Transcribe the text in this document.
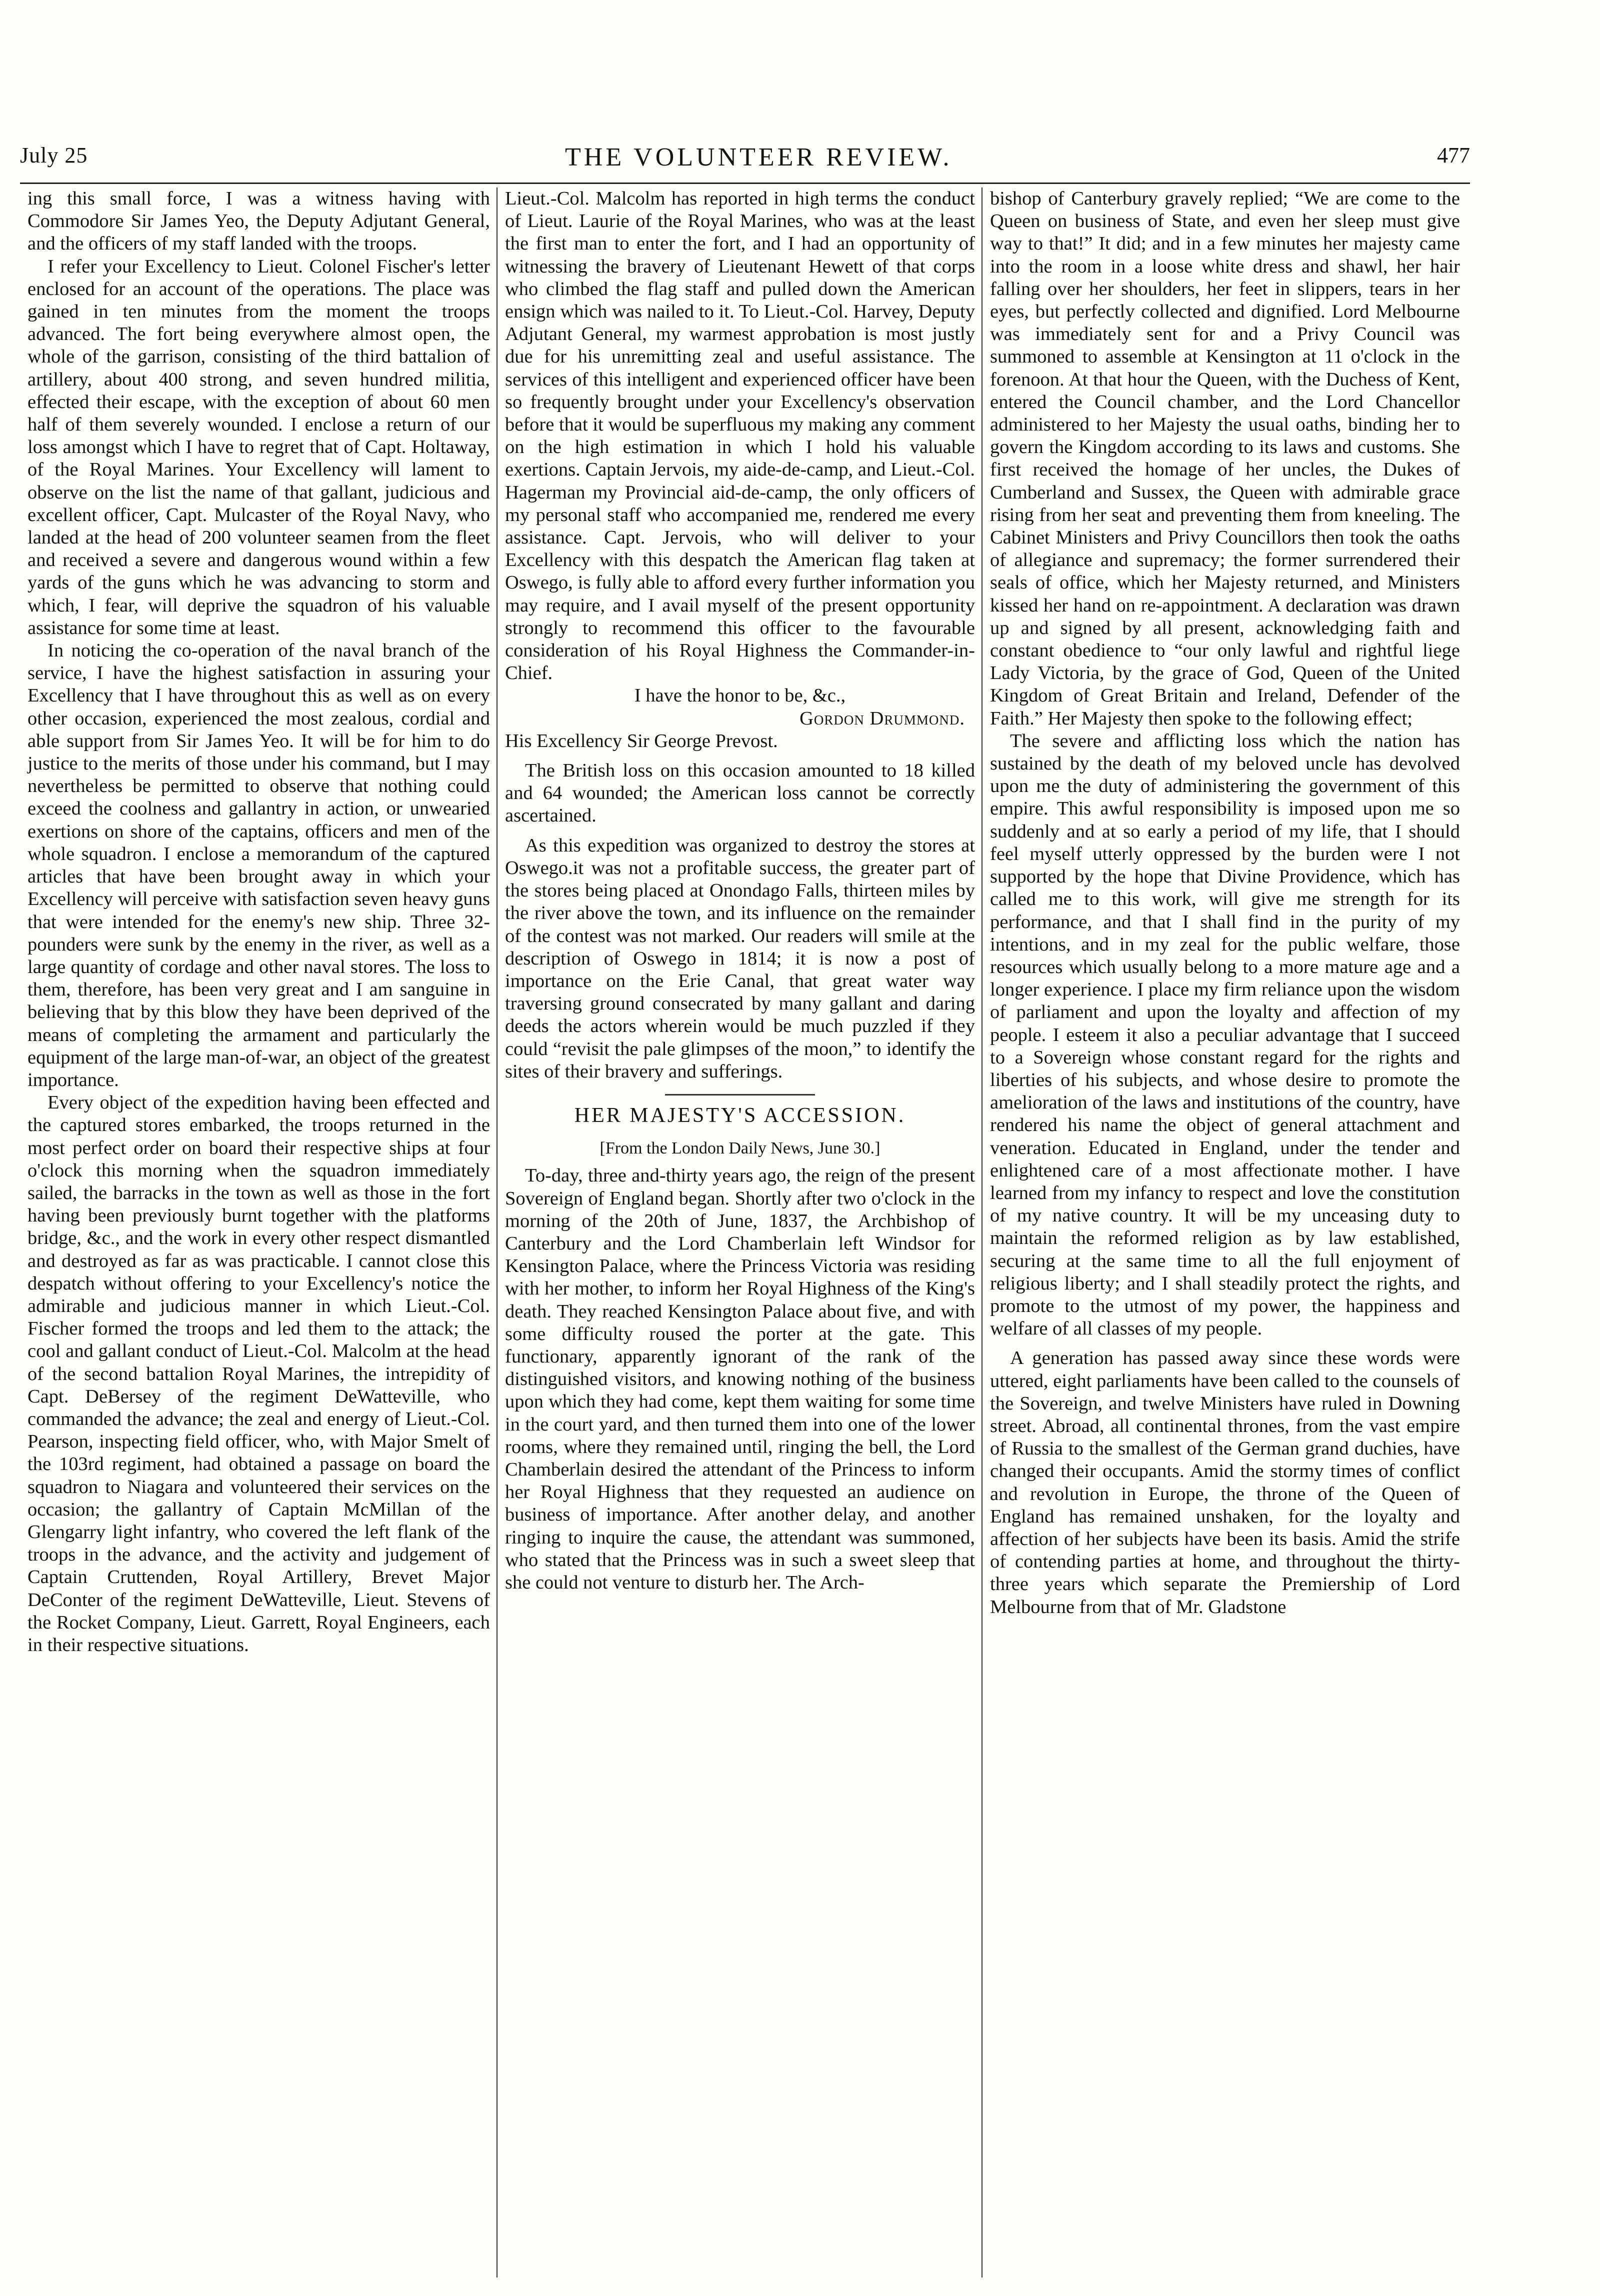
July 25	THE VOLUNTEER REVIEW.	477

ing this small force, I was a witness having with Commodore Sir James Yeo, the Deputy Adjutant General, and the officers of my staff landed with the troops.

I refer your Excellency to Lieut. Colonel Fischer's letter enclosed for an account of the operations. The place was gained in ten minutes from the moment the troops advanced. The fort being everywhere almost open, the whole of the garrison, consisting of the third battalion of artillery, about 400 strong, and seven hundred militia, effected their escape, with the exception of about 60 men half of them severely wounded. I enclose a return of our loss amongst which I have to regret that of Capt. Holtaway, of the Royal Marines. Your Excellency will lament to observe on the list the name of that gallant, judicious and excellent officer, Capt. Mulcaster of the Royal Navy, who landed at the head of 200 volunteer seamen from the fleet and received a severe and dangerous wound within a few yards of the guns which he was advancing to storm and which, I fear, will deprive the squadron of his valuable assistance for some time at least.

In noticing the co-operation of the naval branch of the service, I have the highest satisfaction in assuring your Excellency that I have throughout this as well as on every other occasion, experienced the most zealous, cordial and able support from Sir James Yeo. It will be for him to do justice to the merits of those under his command, but I may nevertheless be permitted to observe that nothing could exceed the coolness and gallantry in action, or unwearied exertions on shore of the captains, officers and men of the whole squadron. I enclose a memorandum of the captured articles that have been brought away in which your Excellency will perceive with satisfaction seven heavy guns that were intended for the enemy's new ship. Three 32-pounders were sunk by the enemy in the river, as well as a large quantity of cordage and other naval stores. The loss to them, therefore, has been very great and I am sanguine in believing that by this blow they have been deprived of the means of completing the armament and particularly the equipment of the large man-of-war, an object of the greatest importance.

Every object of the expedition having been effected and the captured stores embarked, the troops returned in the most perfect order on board their respective ships at four o'clock this morning when the squadron immediately sailed, the barracks in the town as well as those in the fort having been previously burnt together with the platforms bridge, &c., and the work in every other respect dismantled and destroyed as far as was practicable. I cannot close this despatch without offering to your Excellency's notice the admirable and judicious manner in which Lieut.-Col. Fischer formed the troops and led them to the attack; the cool and gallant conduct of Lieut.-Col. Malcolm at the head of the second battalion Royal Marines, the intrepidity of Capt. DeBersey of the regiment DeWatteville, who commanded the advance; the zeal and energy of Lieut.-Col. Pearson, inspecting field officer, who, with Major Smelt of the 103rd regiment, had obtained a passage on board the squadron to Niagara and volunteered their services on the occasion; the gallantry of Captain McMillan of the Glengarry light infantry, who covered the left flank of the troops in the advance, and the activity and judgement of Captain Cruttenden, Royal Artillery, Brevet Major DeConter of the regiment DeWatteville, Lieut. Stevens of the Rocket Company, Lieut. Garrett, Royal Engineers, each in their respective situations.

Lieut.-Col. Malcolm has reported in high terms the conduct of Lieut. Laurie of the Royal Marines, who was at the least the first man to enter the fort, and I had an opportunity of witnessing the bravery of Lieutenant Hewett of that corps who climbed the flag staff and pulled down the American ensign which was nailed to it. To Lieut.-Col. Harvey, Deputy Adjutant General, my warmest approbation is most justly due for his unremitting zeal and useful assistance. The services of this intelligent and experienced officer have been so frequently brought under your Excellency's observation before that it would be superfluous my making any comment on the high estimation in which I hold his valuable exertions. Captain Jervois, my aide-de-camp, and Lieut.-Col. Hagerman my Provincial aid-de-camp, the only officers of my personal staff who accompanied me, rendered me every assistance. Capt. Jervois, who will deliver to your Excellency with this despatch the American flag taken at Oswego, is fully able to afford every further information you may require, and I avail myself of the present opportunity strongly to recommend this officer to the favourable consideration of his Royal Highness the Commander-in-Chief.

I have the honor to be, &c.,
Gordon Drummond.
His Excellency Sir George Prevost.

The British loss on this occasion amounted to 18 killed and 64 wounded; the American loss cannot be correctly ascertained.

As this expedition was organized to destroy the stores at Oswego.it was not a profitable success, the greater part of the stores being placed at Onondago Falls, thirteen miles by the river above the town, and its influence on the remainder of the contest was not marked. Our readers will smile at the description of Oswego in 1814; it is now a post of importance on the Erie Canal, that great water way traversing ground consecrated by many gallant and daring deeds the actors wherein would be much puzzled if they could “revisit the pale glimpses of the moon,” to identify the sites of their bravery and sufferings.

HER MAJESTY'S ACCESSION.
[From the London Daily News, June 30.]

To-day, three and-thirty years ago, the reign of the present Sovereign of England began. Shortly after two o'clock in the morning of the 20th of June, 1837, the Archbishop of Canterbury and the Lord Chamberlain left Windsor for Kensington Palace, where the Princess Victoria was residing with her mother, to inform her Royal Highness of the King's death. They reached Kensington Palace about five, and with some difficulty roused the porter at the gate. This functionary, apparently ignorant of the rank of the distinguished visitors, and knowing nothing of the business upon which they had come, kept them waiting for some time in the court yard, and then turned them into one of the lower rooms, where they remained until, ringing the bell, the Lord Chamberlain desired the attendant of the Princess to inform her Royal Highness that they requested an audience on business of importance. After another delay, and another ringing to inquire the cause, the attendant was summoned, who stated that the Princess was in such a sweet sleep that she could not venture to disturb her. The Arch-

bishop of Canterbury gravely replied; “We are come to the Queen on business of State, and even her sleep must give way to that!” It did; and in a few minutes her majesty came into the room in a loose white dress and shawl, her hair falling over her shoulders, her feet in slippers, tears in her eyes, but perfectly collected and dignified. Lord Melbourne was immediately sent for and a Privy Council was summoned to assemble at Kensington at 11 o'clock in the forenoon. At that hour the Queen, with the Duchess of Kent, entered the Council chamber, and the Lord Chancellor administered to her Majesty the usual oaths, binding her to govern the Kingdom according to its laws and customs. She first received the homage of her uncles, the Dukes of Cumberland and Sussex, the Queen with admirable grace rising from her seat and preventing them from kneeling. The Cabinet Ministers and Privy Councillors then took the oaths of allegiance and supremacy; the former surrendered their seals of office, which her Majesty returned, and Ministers kissed her hand on re-appointment. A declaration was drawn up and signed by all present, acknowledging faith and constant obedience to “our only lawful and rightful liege Lady Victoria, by the grace of God, Queen of the United Kingdom of Great Britain and Ireland, Defender of the Faith.” Her Majesty then spoke to the following effect;

The severe and afflicting loss which the nation has sustained by the death of my beloved uncle has devolved upon me the duty of administering the government of this empire. This awful responsibility is imposed upon me so suddenly and at so early a period of my life, that I should feel myself utterly oppressed by the burden were I not supported by the hope that Divine Providence, which has called me to this work, will give me strength for its performance, and that I shall find in the purity of my intentions, and in my zeal for the public welfare, those resources which usually belong to a more mature age and a longer experience. I place my firm reliance upon the wisdom of parliament and upon the loyalty and affection of my people. I esteem it also a peculiar advantage that I succeed to a Sovereign whose constant regard for the rights and liberties of his subjects, and whose desire to promote the amelioration of the laws and institutions of the country, have rendered his name the object of general attachment and veneration. Educated in England, under the tender and enlightened care of a most affectionate mother. I have learned from my infancy to respect and love the constitution of my native country. It will be my unceasing duty to maintain the reformed religion as by law established, securing at the same time to all the full enjoyment of religious liberty; and I shall steadily protect the rights, and promote to the utmost of my power, the happiness and welfare of all classes of my people.

A generation has passed away since these words were uttered, eight parliaments have been called to the counsels of the Sovereign, and twelve Ministers have ruled in Downing street. Abroad, all continental thrones, from the vast empire of Russia to the smallest of the German grand duchies, have changed their occupants. Amid the stormy times of conflict and revolution in Europe, the throne of the Queen of England has remained unshaken, for the loyalty and affection of her subjects have been its basis. Amid the strife of contending parties at home, and throughout the thirty-three years which separate the Premiership of Lord Melbourne from that of Mr. Gladstone
